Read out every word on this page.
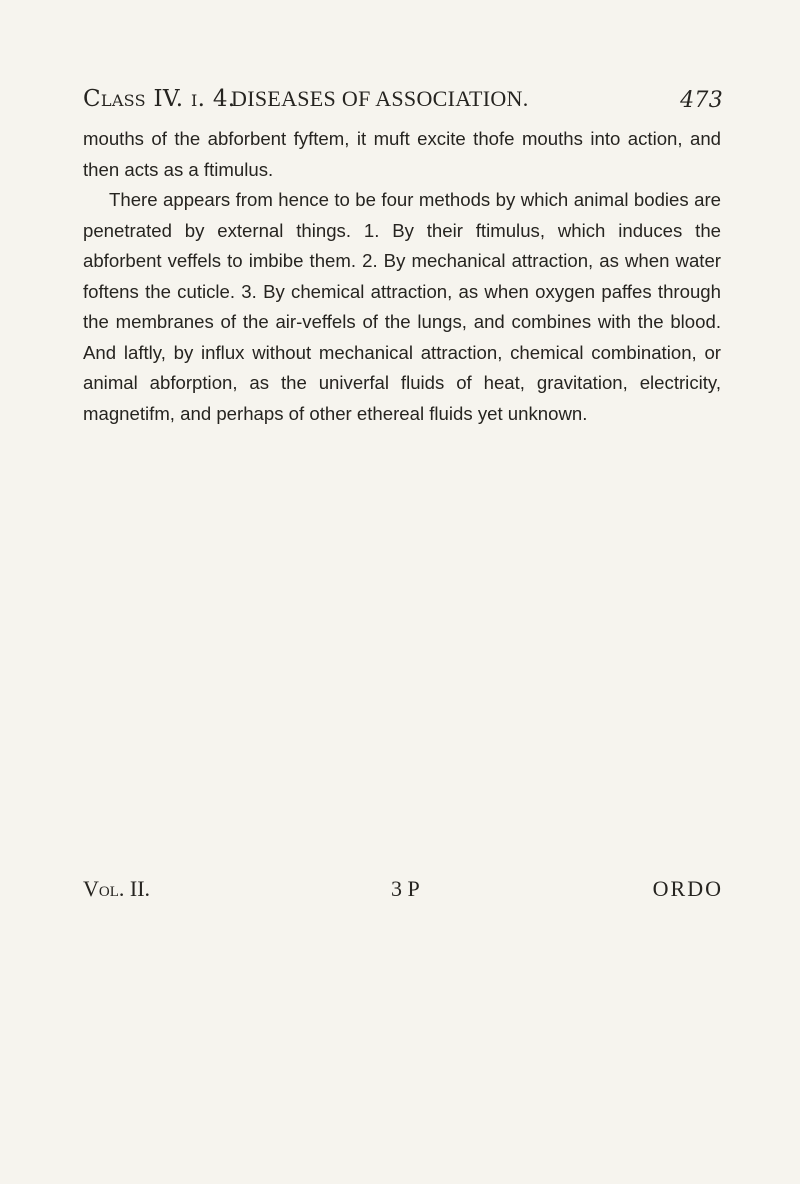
Class IV. i. 4.
DISEASES OF ASSOCIATION.	473

mouths of the abforbent fyftem, it muft excite thofe mouths into action, and then acts as a ftimulus.

There appears from hence to be four methods by which animal bodies are penetrated by external things. 1. By their ftimulus, which induces the abforbent veffels to imbibe them. 2. By mechanical attraction, as when water foftens the cuticle. 3. By chemical attraction, as when oxygen paffes through the membranes of the air-veffels of the lungs, and combines with the blood. And laftly, by influx without mechanical attraction, chemical combination, or animal abforption, as the univerfal fluids of heat, gravitation, electricity, magnetifm, and perhaps of other ethereal fluids yet unknown.

Vol. II.	3 P	ORDO
